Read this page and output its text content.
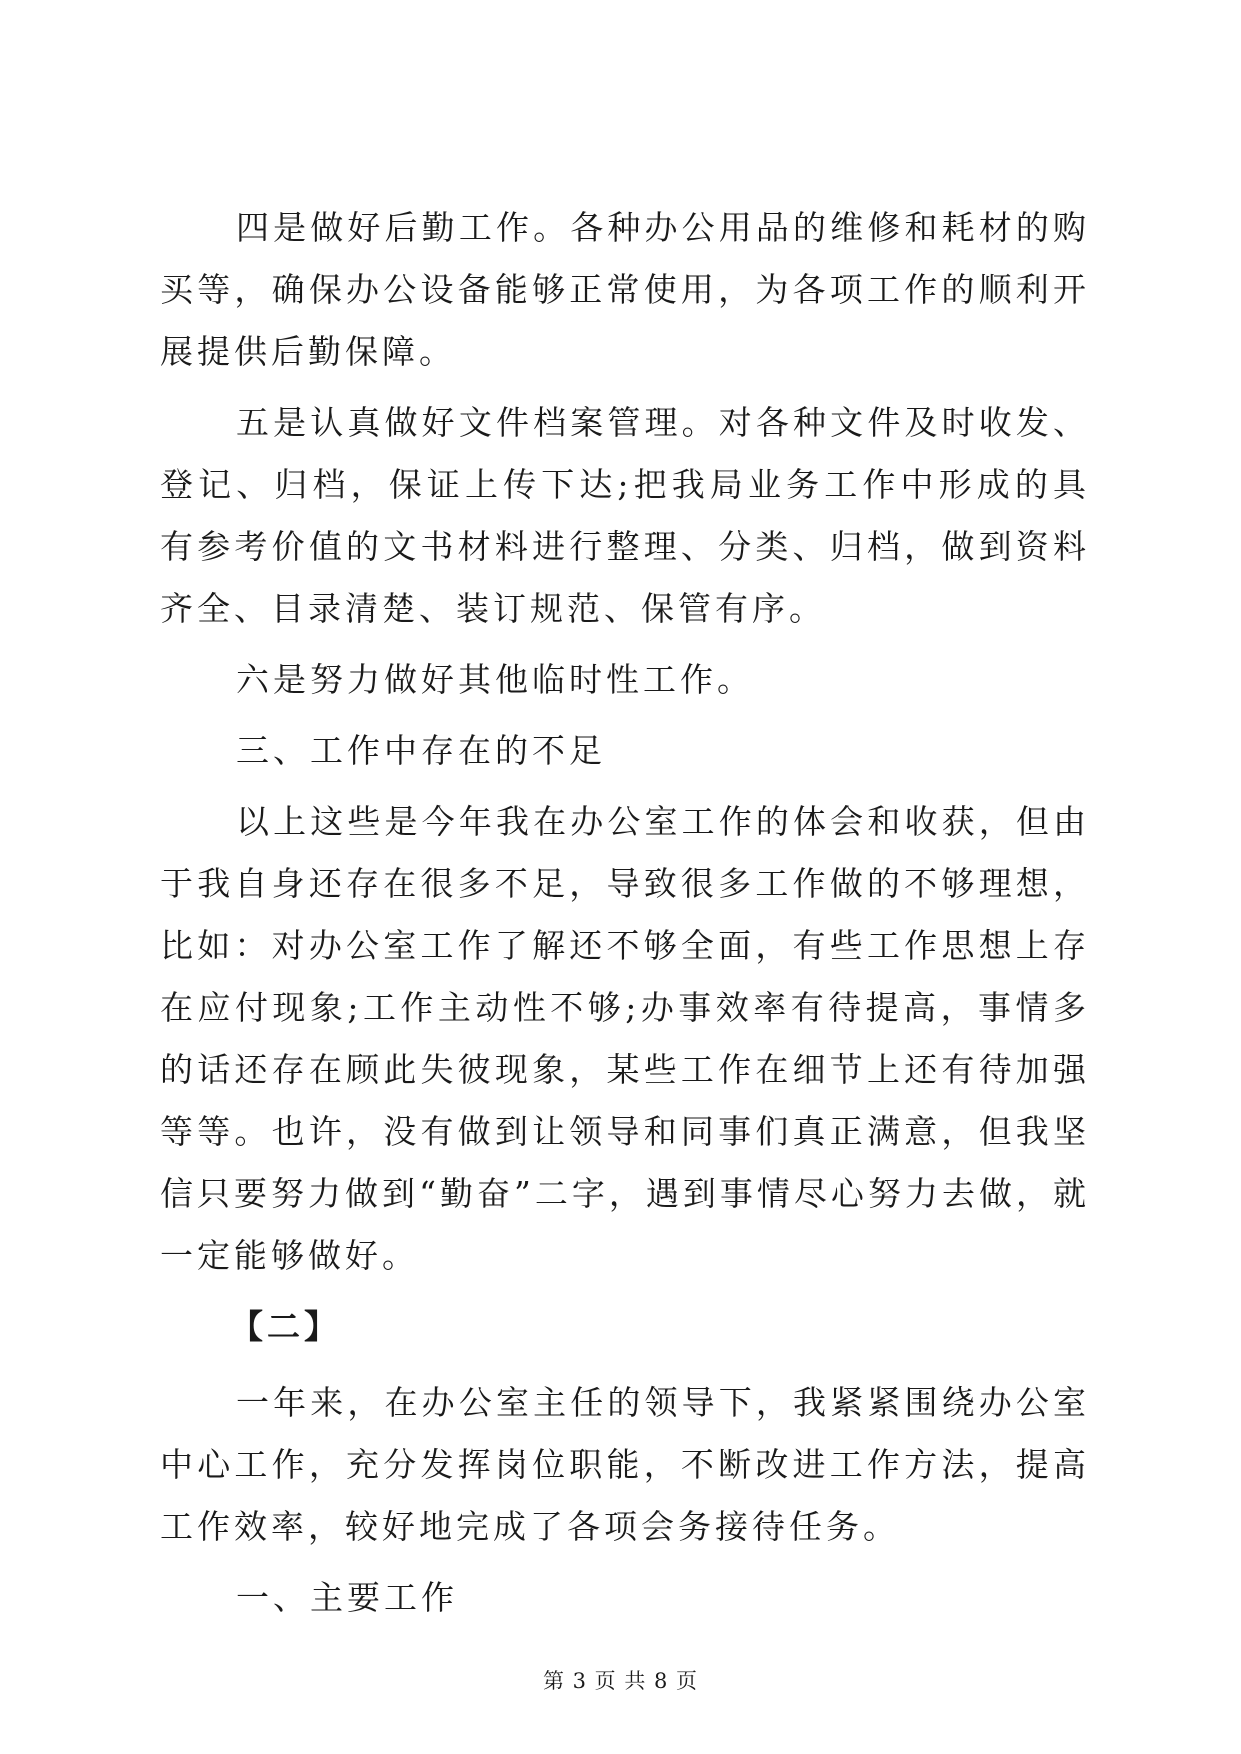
四是做好后勤工作。各种办公用品的维修和耗材的购买等，确保办公设备能够正常使用，为各项工作的顺利开展提供后勤保障。

五是认真做好文件档案管理。对各种文件及时收发、登记、归档，保证上传下达;把我局业务工作中形成的具有参考价值的文书材料进行整理、分类、归档，做到资料齐全、目录清楚、装订规范、保管有序。

六是努力做好其他临时性工作。

三、工作中存在的不足

以上这些是今年我在办公室工作的体会和收获，但由于我自身还存在很多不足，导致很多工作做的不够理想，比如：对办公室工作了解还不够全面，有些工作思想上存在应付现象;工作主动性不够;办事效率有待提高，事情多的话还存在顾此失彼现象，某些工作在细节上还有待加强等等。也许，没有做到让领导和同事们真正满意，但我坚信只要努力做到“勤奋”二字，遇到事情尽心努力去做，就一定能够做好。

【二】

一年来，在办公室主任的领导下，我紧紧围绕办公室中心工作，充分发挥岗位职能，不断改进工作方法，提高工作效率，较好地完成了各项会务接待任务。

一、主要工作

第 3 页 共 8 页
